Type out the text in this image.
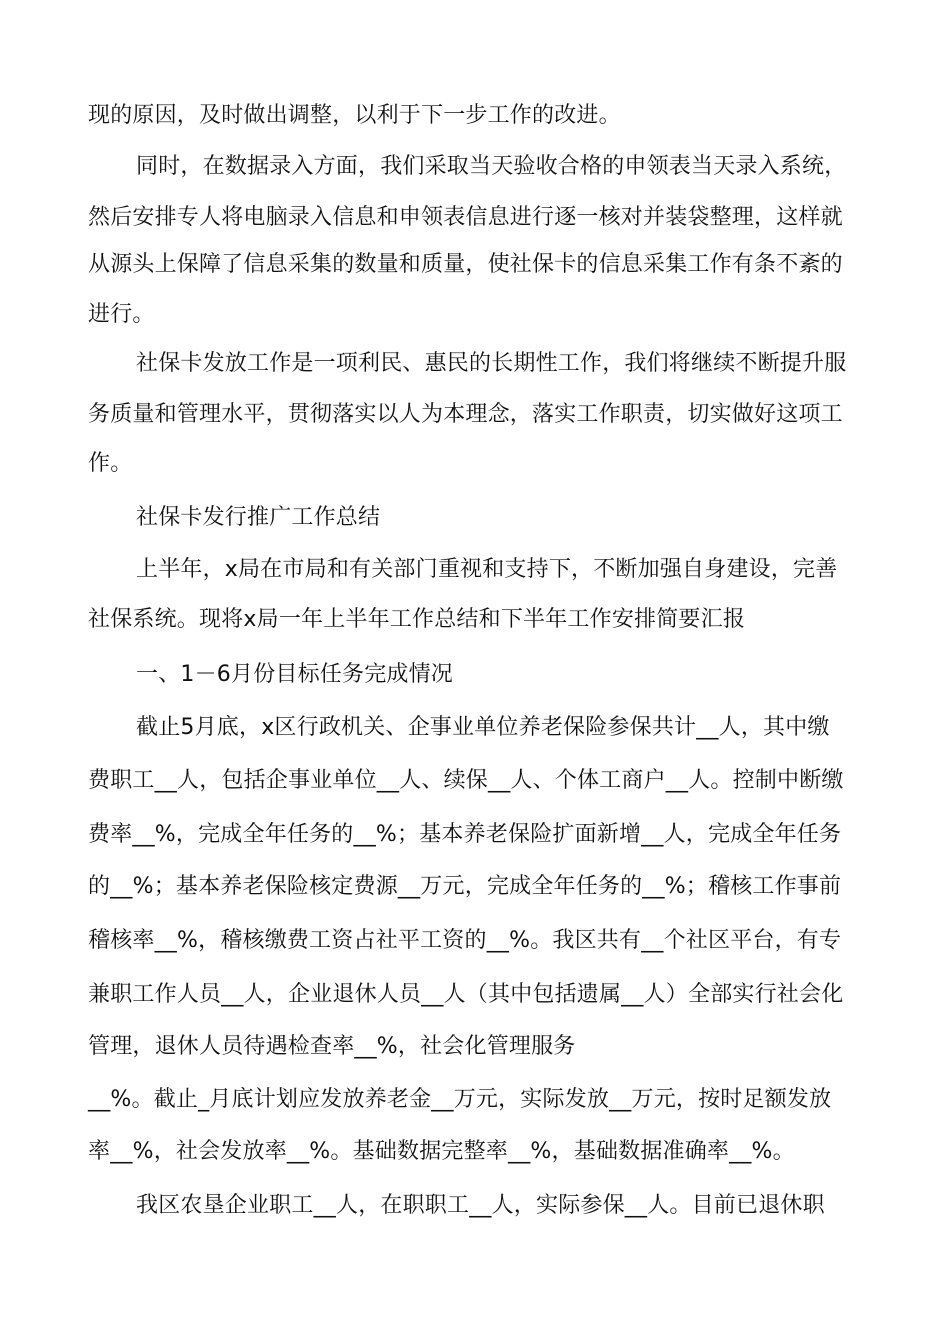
现的原因，及时做出调整，以利于下一步工作的改进。
同时，在数据录入方面，我们采取当天验收合格的申领表当天录入系统，
然后安排专人将电脑录入信息和申领表信息进行逐一核对并装袋整理，这样就
从源头上保障了信息采集的数量和质量，使社保卡的信息采集工作有条不紊的
进行。
社保卡发放工作是一项利民、惠民的长期性工作，我们将继续不断提升服
务质量和管理水平，贯彻落实以人为本理念，落实工作职责，切实做好这项工
作。
社保卡发行推广工作总结
上半年，x局在市局和有关部门重视和支持下，不断加强自身建设，完善
社保系统。现将x局一年上半年工作总结和下半年工作安排简要汇报
一、1－6月份目标任务完成情况
截止5月底，x区行政机关、企事业单位养老保险参保共计__人，其中缴
费职工__人，包括企事业单位__人、续保__人、个体工商户__人。控制中断缴
费率__%，完成全年任务的__%；基本养老保险扩面新增__人，完成全年任务
的__%；基本养老保险核定费源__万元，完成全年任务的__%；稽核工作事前
稽核率__%，稽核缴费工资占社平工资的__%。我区共有__个社区平台，有专
兼职工作人员__人，企业退休人员__人（其中包括遗属__人）全部实行社会化
管理，退休人员待遇检查率__%，社会化管理服务
__%。截止_月底计划应发放养老金__万元，实际发放__万元，按时足额发放
率__%，社会发放率__%。基础数据完整率__%，基础数据准确率__%。
我区农垦企业职工__人，在职职工__人，实际参保__人。目前已退休职
